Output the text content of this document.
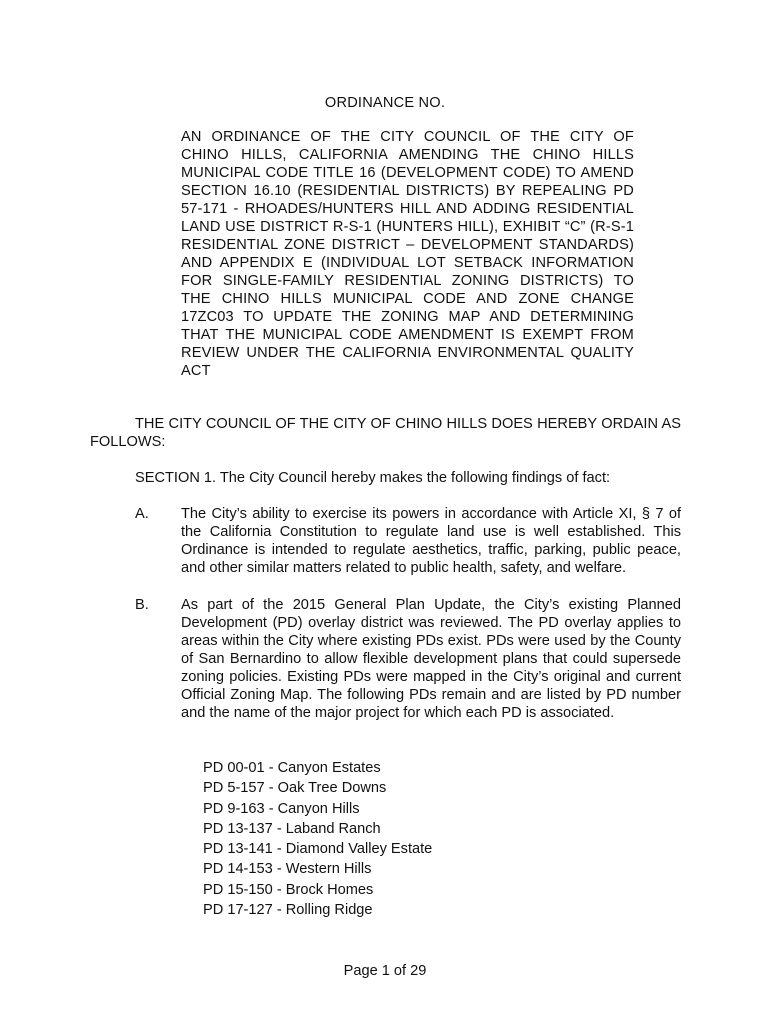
ORDINANCE NO.
AN ORDINANCE OF THE CITY COUNCIL OF THE CITY OF CHINO HILLS, CALIFORNIA AMENDING THE CHINO HILLS MUNICIPAL CODE TITLE 16 (DEVELOPMENT CODE) TO AMEND SECTION 16.10 (RESIDENTIAL DISTRICTS) BY REPEALING PD 57-171 - RHOADES/HUNTERS HILL AND ADDING RESIDENTIAL LAND USE DISTRICT R-S-1 (HUNTERS HILL), EXHIBIT “C” (R-S-1 RESIDENTIAL ZONE DISTRICT – DEVELOPMENT STANDARDS) AND APPENDIX E (INDIVIDUAL LOT SETBACK INFORMATION FOR SINGLE-FAMILY RESIDENTIAL ZONING DISTRICTS) TO THE CHINO HILLS MUNICIPAL CODE AND ZONE CHANGE 17ZC03 TO UPDATE THE ZONING MAP AND DETERMINING THAT THE MUNICIPAL CODE AMENDMENT IS EXEMPT FROM REVIEW UNDER THE CALIFORNIA ENVIRONMENTAL QUALITY ACT
THE CITY COUNCIL OF THE CITY OF CHINO HILLS DOES HEREBY ORDAIN AS FOLLOWS:
SECTION 1. The City Council hereby makes the following findings of fact:
A. The City’s ability to exercise its powers in accordance with Article XI, § 7 of the California Constitution to regulate land use is well established. This Ordinance is intended to regulate aesthetics, traffic, parking, public peace, and other similar matters related to public health, safety, and welfare.
B. As part of the 2015 General Plan Update, the City’s existing Planned Development (PD) overlay district was reviewed. The PD overlay applies to areas within the City where existing PDs exist. PDs were used by the County of San Bernardino to allow flexible development plans that could supersede zoning policies. Existing PDs were mapped in the City’s original and current Official Zoning Map. The following PDs remain and are listed by PD number and the name of the major project for which each PD is associated.
PD 00-01 - Canyon Estates
PD 5-157 - Oak Tree Downs
PD 9-163 - Canyon Hills
PD 13-137 - Laband Ranch
PD 13-141 - Diamond Valley Estate
PD 14-153 - Western Hills
PD 15-150 - Brock Homes
PD 17-127 - Rolling Ridge
Page 1 of 29
